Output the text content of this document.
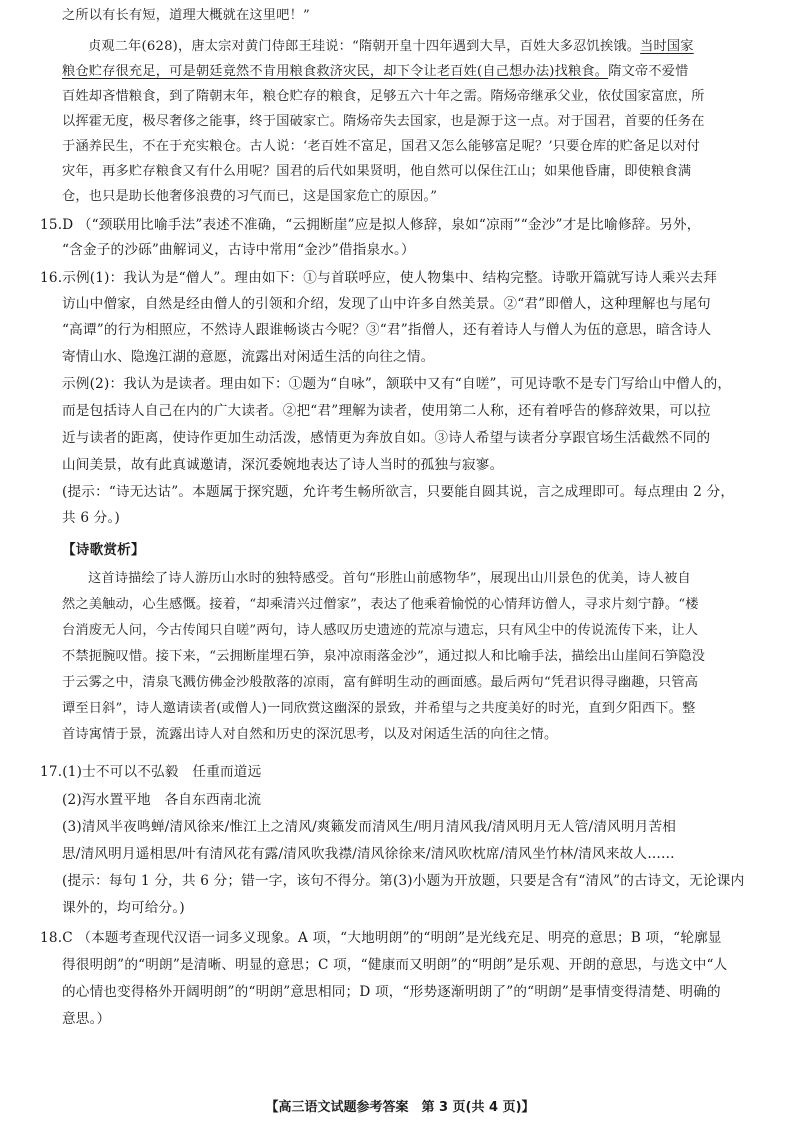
之所以有长有短，道理大概就在这里吧！”
贞观二年(628)，唐太宗对黄门侍郎王珪说：“隋朝开皇十四年遇到大旱，百姓大多忍饥挨饿。当时国家
粮仓贮存很充足，可是朝廷竟然不肯用粮食救济灾民，却下令让老百姓(自己想办法)找粮食。隋文帝不爱惜
百姓却吝惜粮食，到了隋朝末年，粮仓贮存的粮食，足够五六十年之需。隋炀帝继承父业，依仗国家富庶，所
以挥霍无度，极尽奢侈之能事，终于国破家亡。隋炀帝失去国家，也是源于这一点。对于国君，首要的任务在
于涵养民生，不在于充实粮仓。古人说：‘老百姓不富足，国君又怎么能够富足呢？’只要仓库的贮备足以对付
灾年，再多贮存粮食又有什么用呢？国君的后代如果贤明，他自然可以保住江山；如果他昏庸，即使粮食满
仓，也只是助长他奢侈浪费的习气而已，这是国家危亡的原因。”
15.D （“颈联用比喻手法”表述不准确，“云拥断崖”应是拟人修辞，泉如“凉雨”“金沙”才是比喻修辞。另外，
“含金子的沙砾”曲解词义，古诗中常用“金沙”借指泉水。）
16.示例(1)：我认为是“僧人”。理由如下：①与首联呼应，使人物集中、结构完整。诗歌开篇就写诗人乘兴去拜
访山中僧家，自然是经由僧人的引领和介绍，发现了山中许多自然美景。②“君”即僧人，这种理解也与尾句
“高谭”的行为相照应，不然诗人跟谁畅谈古今呢？③“君”指僧人，还有着诗人与僧人为伍的意思，暗含诗人
寄情山水、隐逸江湖的意愿，流露出对闲适生活的向往之情。
示例(2)：我认为是读者。理由如下：①题为“自咏”，颔联中又有“自嗟”，可见诗歌不是专门写给山中僧人的，
而是包括诗人自己在内的广大读者。②把“君”理解为读者，使用第二人称，还有着呼告的修辞效果，可以拉
近与读者的距离，使诗作更加生动活泼，感情更为奔放自如。③诗人希望与读者分享跟官场生活截然不同的
山间美景，故有此真诚邀请，深沉委婉地表达了诗人当时的孤独与寂寥。
(提示：“诗无达诂”。本题属于探究题，允许考生畅所欲言，只要能自圆其说，言之成理即可。每点理由 2 分，
共 6 分。)
【诗歌赏析】
这首诗描绘了诗人游历山水时的独特感受。首句“形胜山前感物华”，展现出山川景色的优美，诗人被自
然之美触动，心生感慨。接着，“却乘清兴过僧家”，表达了他乘着愉悦的心情拜访僧人，寻求片刻宁静。“楼
台消废无人问，今古传闻只自嗟”两句，诗人感叹历史遗迹的荒凉与遗忘，只有风尘中的传说流传下来，让人
不禁扼腕叹惜。接下来，“云拥断崖埋石笋，泉冲凉雨落金沙”，通过拟人和比喻手法，描绘出山崖间石笋隐没
于云雾之中，清泉飞溅仿佛金沙般散落的凉雨，富有鲜明生动的画面感。最后两句“凭君识得寻幽趣，只管高
谭至日斜”，诗人邀请读者(或僧人)一同欣赏这幽深的景致，并希望与之共度美好的时光，直到夕阳西下。整
首诗寓情于景，流露出诗人对自然和历史的深沉思考，以及对闲适生活的向往之情。
17.(1)士不可以不弘毅　任重而道远
(2)泻水置平地　各自东西南北流
(3)清风半夜鸣蝉/清风徐来/惟江上之清风/爽籁发而清风生/明月清风我/清风明月无人管/清风明月苦相
思/清风明月遥相思/叶有清风花有露/清风吹我襟/清风徐徐来/清风吹枕席/清风坐竹林/清风来故人……
(提示：每句 1 分，共 6 分；错一字，该句不得分。第(3)小题为开放题，只要是含有“清风”的古诗文，无论课内
课外的，均可给分。)
18.C （本题考查现代汉语一词多义现象。A 项，“大地明朗”的“明朗”是光线充足、明亮的意思；B 项，“轮廓显
得很明朗”的“明朗”是清晰、明显的意思；C 项，“健康而又明朗”的“明朗”是乐观、开朗的意思，与选文中“人
的心情也变得格外开阔明朗”的“明朗”意思相同；D 项，“形势逐渐明朗了”的“明朗”是事情变得清楚、明确的
意思。）
【高三语文试题参考答案　第 3 页(共 4 页)】
